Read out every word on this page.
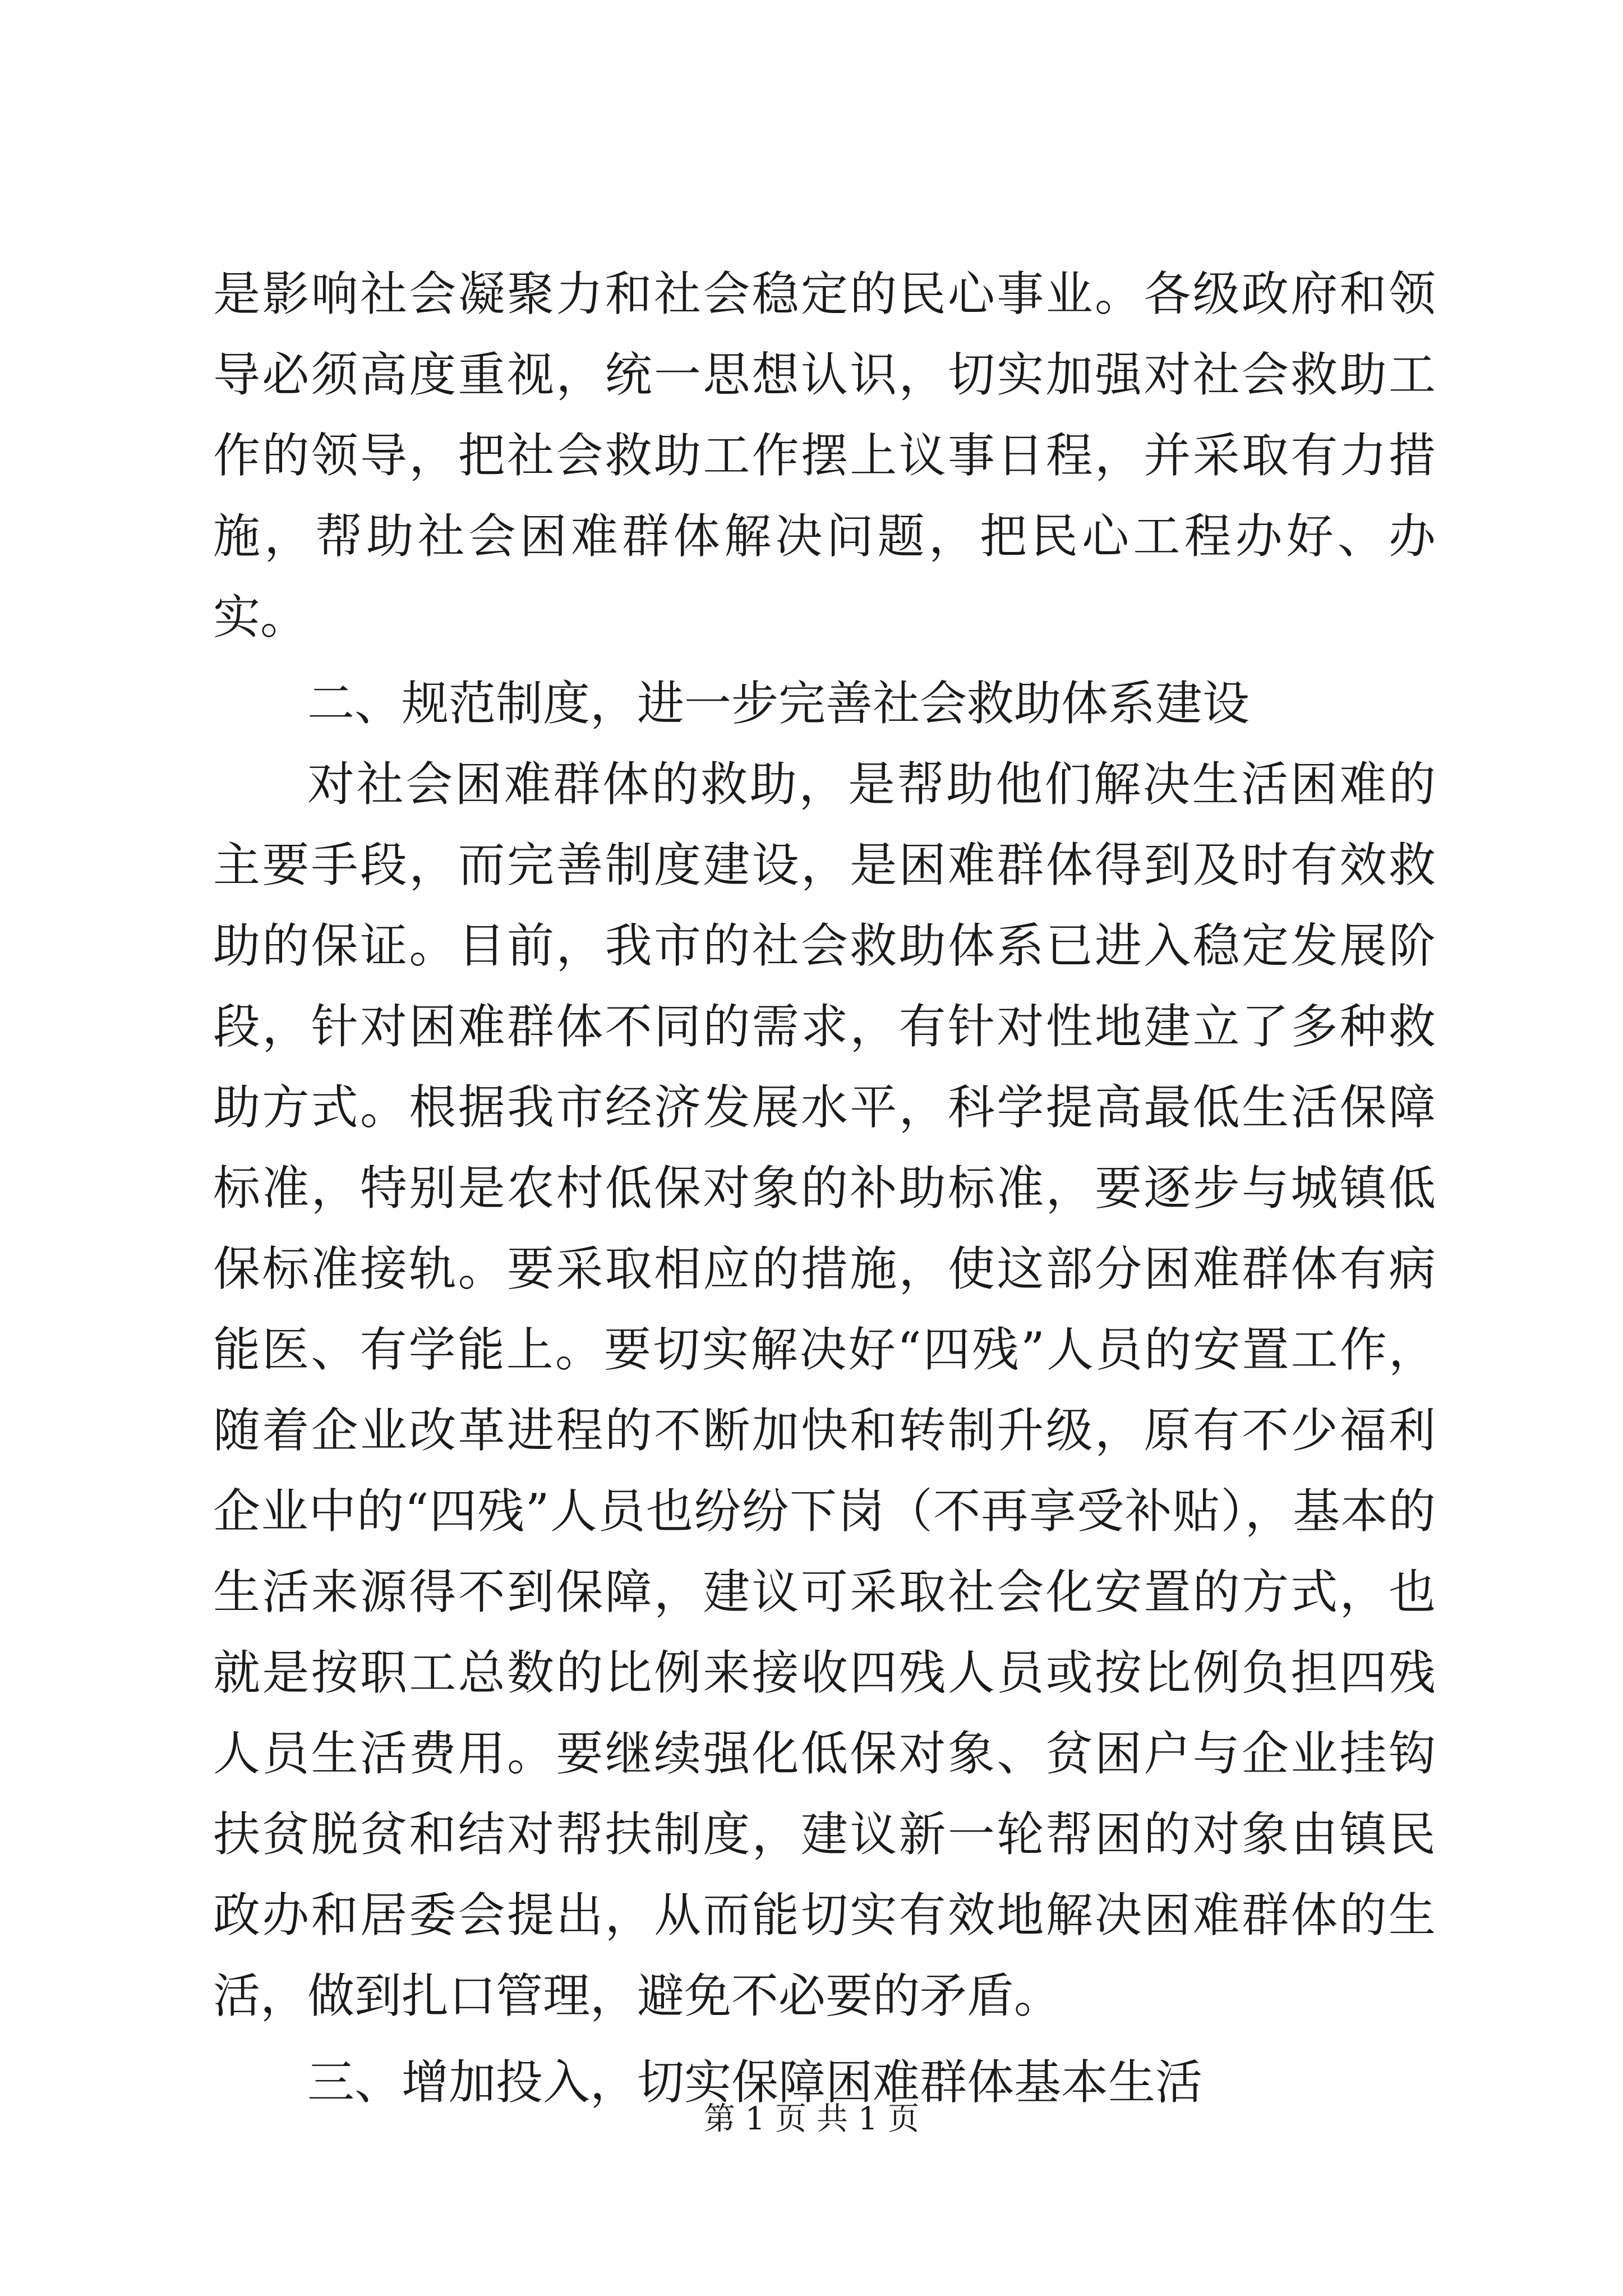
是影响社会凝聚力和社会稳定的民心事业。各级政府和领导必须高度重视，统一思想认识，切实加强对社会救助工作的领导，把社会救助工作摆上议事日程，并采取有力措施，帮助社会困难群体解决问题，把民心工程办好、办实。

二、规范制度，进一步完善社会救助体系建设

对社会困难群体的救助，是帮助他们解决生活困难的主要手段，而完善制度建设，是困难群体得到及时有效救助的保证。目前，我市的社会救助体系已进入稳定发展阶段，针对困难群体不同的需求，有针对性地建立了多种救助方式。根据我市经济发展水平，科学提高最低生活保障标准，特别是农村低保对象的补助标准，要逐步与城镇低保标准接轨。要采取相应的措施，使这部分困难群体有病能医、有学能上。要切实解决好“四残”人员的安置工作，随着企业改革进程的不断加快和转制升级，原有不少福利企业中的“四残”人员也纷纷下岗（不再享受补贴），基本的生活来源得不到保障，建议可采取社会化安置的方式，也就是按职工总数的比例来接收四残人员或按比例负担四残人员生活费用。要继续强化低保对象、贫困户与企业挂钩扶贫脱贫和结对帮扶制度，建议新一轮帮困的对象由镇民政办和居委会提出，从而能切实有效地解决困难群体的生活，做到扎口管理，避免不必要的矛盾。

三、增加投入，切实保障困难群体基本生活

第 1 页 共 1 页
